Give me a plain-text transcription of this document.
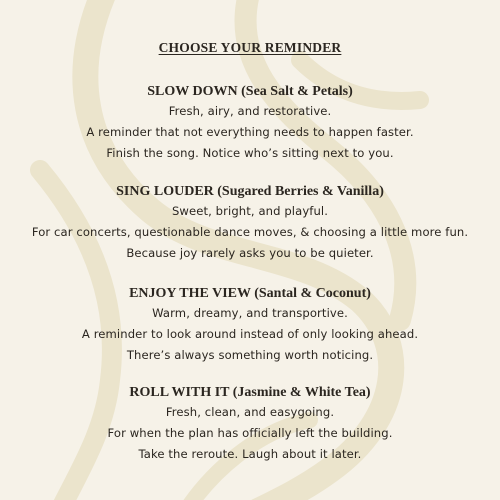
CHOOSE YOUR REMINDER

SLOW DOWN (Sea Salt & Petals)

Fresh, airy, and restorative.

A reminder that not everything needs to happen faster.

Finish the song. Notice who’s sitting next to you.

SING LOUDER (Sugared Berries & Vanilla)

Sweet, bright, and playful.

For car concerts, questionable dance moves, & choosing a little more fun.

Because joy rarely asks you to be quieter.

ENJOY THE VIEW (Santal & Coconut)

Warm, dreamy, and transportive.

A reminder to look around instead of only looking ahead.

There’s always something worth noticing.

ROLL WITH IT (Jasmine & White Tea)

Fresh, clean, and easygoing.

For when the plan has officially left the building.

Take the reroute. Laugh about it later.
